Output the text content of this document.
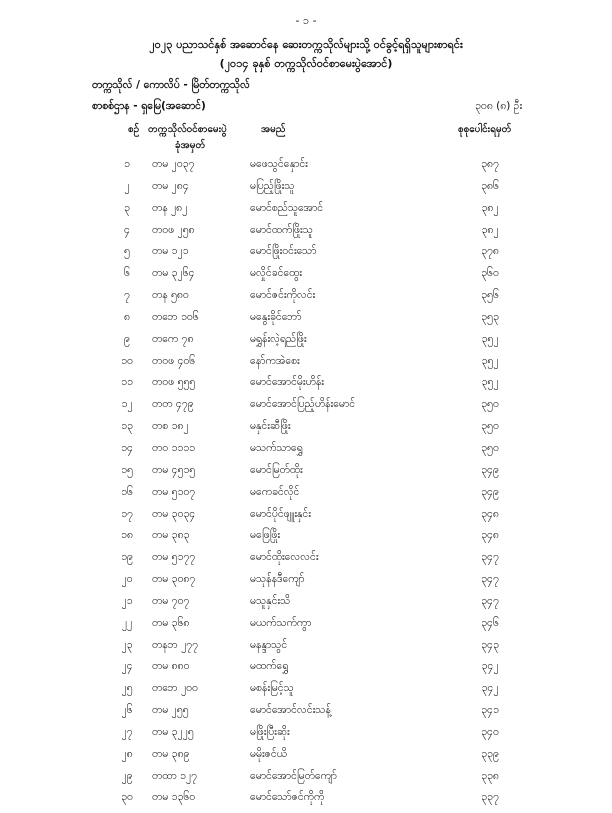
- ၁ -
၂၀၂၃ ပညာသင်နှစ် အဆောင်နေ ဆေးတက္ကသိုလ်များသို့ ဝင်ခွင့်ရရှိသူများစာရင်း
(၂၀၁၄ ခုနှစ် တက္ကသိုလ်ဝင်စာမေးပွဲအောင်)
တက္ကသိုလ် / ကောလိပ် - မြိတ်တက္ကသိုလ်
စာစစ်ဌာန - ရှမြေ(အဆောင်)	၃၀၈ (၈) ဦး
စဉ် တက္ကသိုလ်ဝင်စာမေးပွဲ
ခုံအမှတ်
အမည်	စုစုပေါင်းရမှတ်
၁	တမ ၂၀၃၇	မဖေသွင်နှောင်း	၃၈၇
၂	တမ ၂၈၄	မပြည့်ဖြိုးသူ	၃၈၆
၃	တန ၂၈၂	မောင်စည်သူအောင်	၃၈၂
၄	တဝဖ ၂၅၈	မောင်ထက်ဖြိုးသူ	၃၈၂
၅	တမ ၁၂၁	မောင်ဖြိုးဝင်းသော်	၃၇၈
၆	တမ ၃၂၆၄	မလှိုင်ခင်ထွေး	၃၆၀
၇	တန ၅၈၀	မောင်ဇင်းကိုလင်း	၃၅၆
၈	တဘေ ၁၀၆	မနွေးခိုင်ဘော်	၃၅၃
၉	တကေ ၇၈	မရွှန်းလဲ့ရည်ဖြိုး	၃၅၂
၁၀	တဝဖ ၄၀၆	နော်ကအဲစေး	၃၅၂
၁၁	တဝဖ ၅၅၅	မောင်အောင်မိုးဟိန်း	၃၅၂
၁၂	တတ ၄၇၉	မောင်အောင်ပြည့်ဟိန်းမောင်	၃၅၀
၁၃	တစ ၁၈၂	မနှင်းဆီဖြိုး	၃၅၀
၁၄	တဝ ၁၁၁၁	မသက်သာရွှေ	၃၅၀
၁၅	တမ ၄၅၁၅	မောင်မြတ်ထိုး	၃၄၉
၁၆	တမ ၅၁၀၇	မကေခင်လိုင်	၃၄၉
၁၇	တမ ၃၀၃၄	မောင်ပိုင်ဖျူးနှင်း	၃၄၈
၁၈	တမ ၃၈၃	မဖြေဖြိုး	၃၄၈
၁၉	တမ ၅၁၇၇	မောင်ထိုးလေလင်း	၃၄၇
၂၀	တမ ၃၀၈၇	မသုန်နဒီကျော်	၃၄၇
၂၁	တမ ၇၀၇	မသူနှင်းသိ	၃၄၇
၂၂	တမ ၃၆၈	မယက်သက်ကွာ	၃၄၆
၂၃	တနဘ ၂၇၇	မနန္ဒာသွင်	၃၄၃
၂၄	တမ ၈၈၀	မထက်ရွှေ	၃၄၂
၂၅	တဘေ ၂၀၀	မစန်းမြင့်သူ	၃၄၂
၂၆	တမ ၂၅၅	မောင်အောင်လင်းသန့်	၃၄၁
၂၇	တမ ၃၂၂၅	မဖြိုးပြီးဆိုး	၃၄၀
၂၈	တမ ၃၈၉	မမိုးဇင်ယိ	၃၃၉
၂၉	တထာ ၁၂၇	မောင်အောင်မြတ်ကျော်	၃၃၈
၃၀	တမ ၁၃၆၀	မောင်သော်ဇင်ကိုကို	၃၃၇
